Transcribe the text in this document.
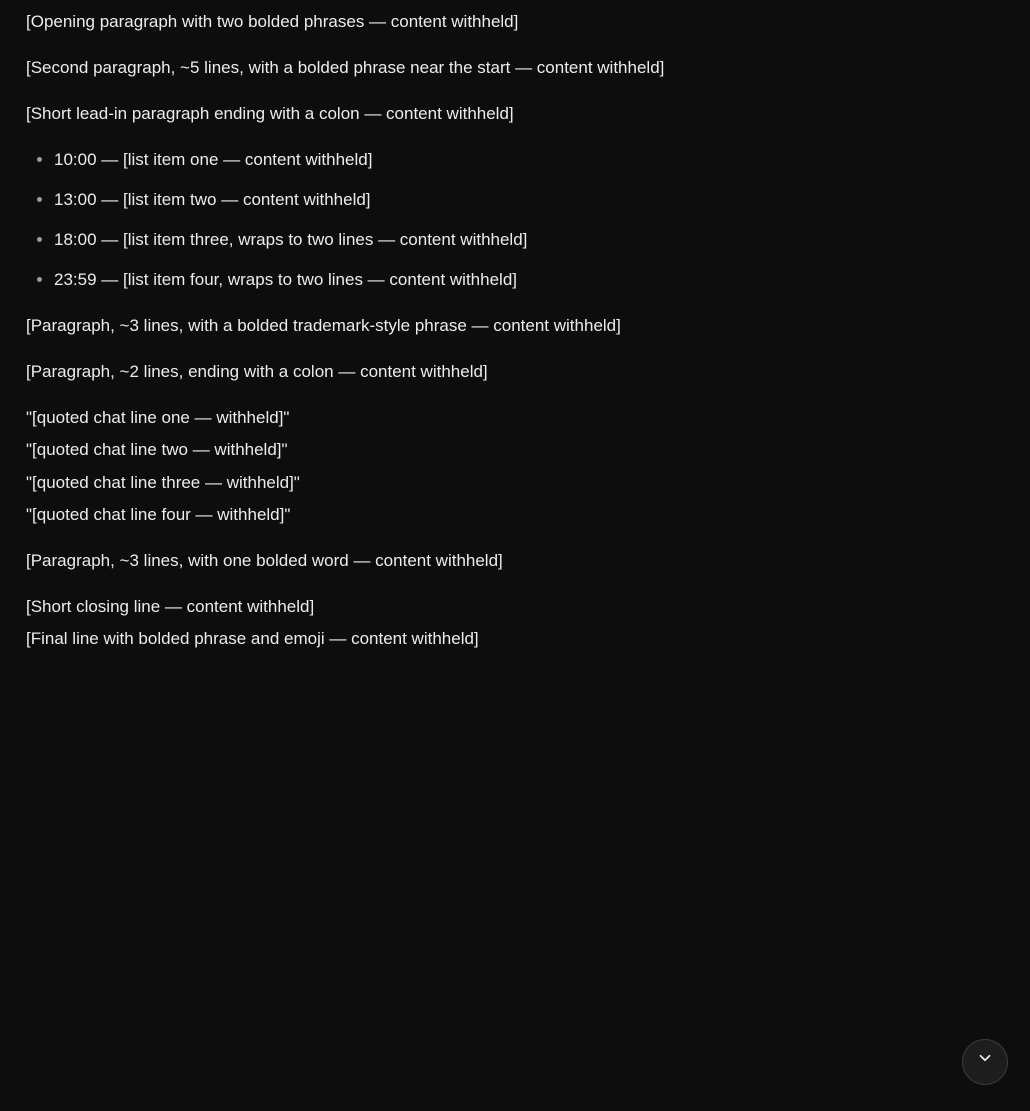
[Opening paragraph with two bolded phrases — content withheld]

[Second paragraph, ~5 lines, with a bolded phrase near the start — content withheld]

[Short lead-in paragraph ending with a colon — content withheld]

• 10:00 — [list item one — content withheld]
• 13:00 — [list item two — content withheld]
• 18:00 — [list item three, wraps to two lines — content withheld]
• 23:59 — [list item four, wraps to two lines — content withheld]

[Paragraph, ~3 lines, with a bolded trademark-style phrase — content withheld]

[Paragraph, ~2 lines, ending with a colon — content withheld]

"[quoted chat line one — withheld]"

"[quoted chat line two — withheld]"

"[quoted chat line three — withheld]"

"[quoted chat line four — withheld]"

[Paragraph, ~3 lines, with one bolded word — content withheld]

[Short closing line — content withheld]

[Final line with bolded phrase and emoji — content withheld]
